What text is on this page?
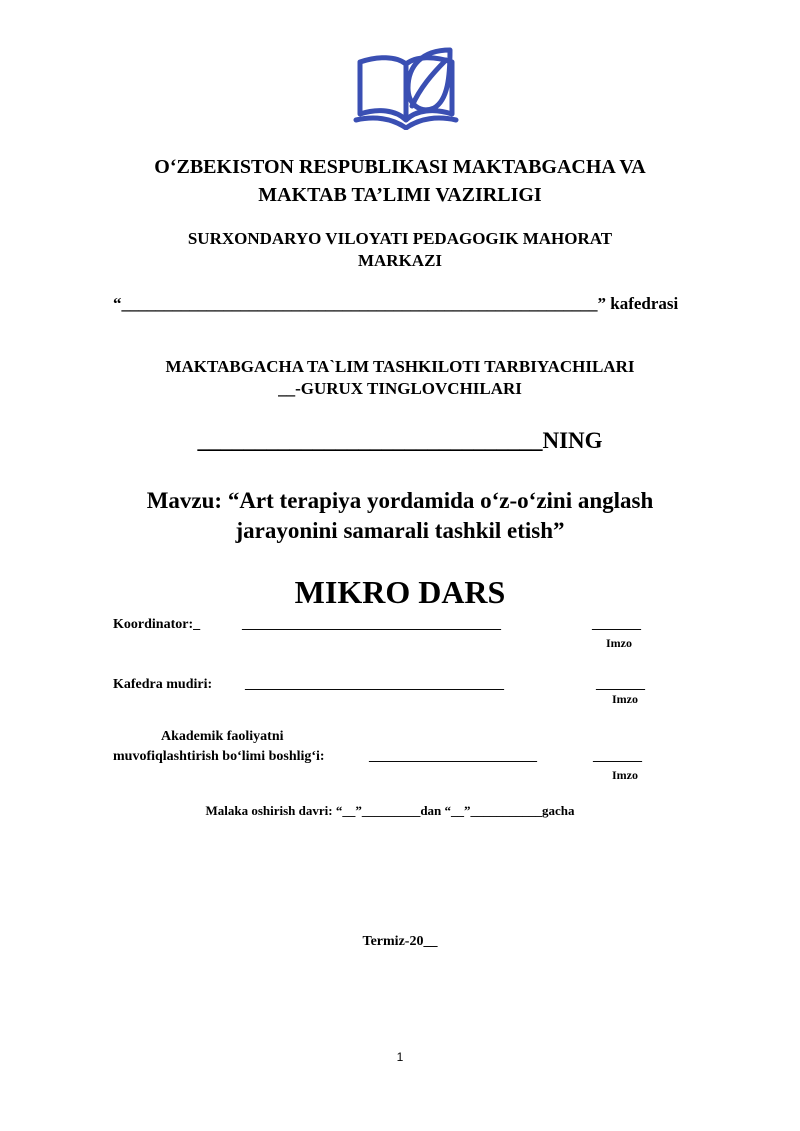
O‘ZBEKISTON RESPUBLIKASI MAKTABGACHA VA
MAKTAB TA’LIMI VAZIRLIGI
SURXONDARYO VILOYATI PEDAGOGIK MAHORAT
MARKAZI
“________________________________________________________” kafedrasi
MAKTABGACHA TA`LIM TASHKILOTI TARBIYACHILARI
__-GURUX TINGLOVCHILARI
______________________________NING
Mavzu: “Art terapiya yordamida o‘z-o‘zini anglash
jarayonini samarali tashkil etish”
MIKRO DARS
Koordinator:_	_____________________________________	_______
Imzo
Kafedra mudiri: _____________________________________	_______
Imzo
Akademik faoliyatni
muvofiqlashtirish bo‘limi boshlig‘i:	________________________	_______
Imzo
Malaka oshirish davri: “__”_________dan “__”___________gacha
Termiz-20__
1
